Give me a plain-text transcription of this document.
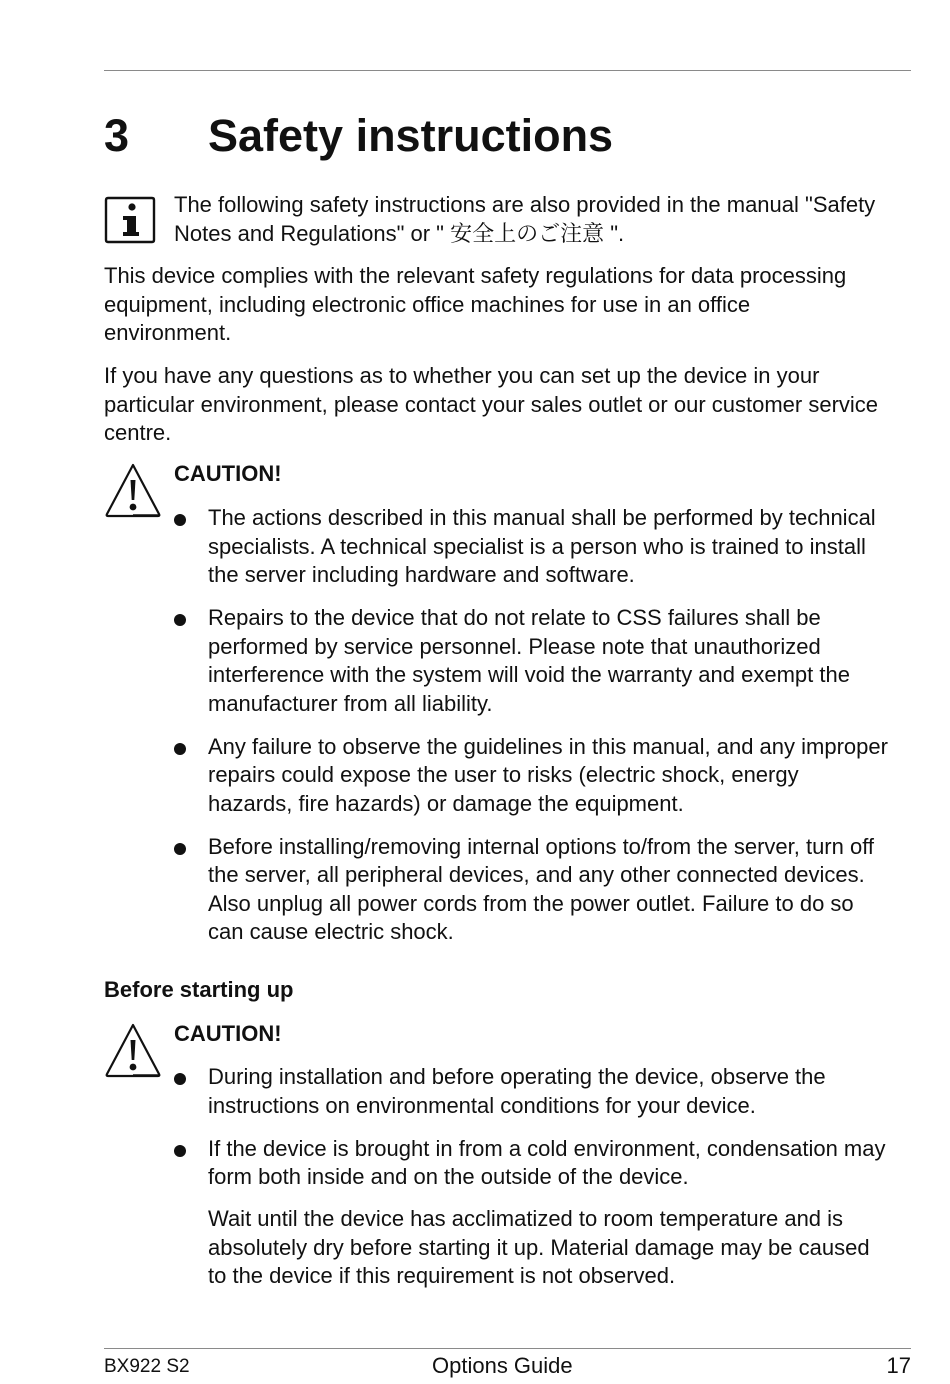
3 Safety instructions
The following safety instructions are also provided in the manual "Safety
Notes and Regulations" or " 安全上のご注意 ".
This device complies with the relevant safety regulations for data processing
equipment, including electronic office machines for use in an office
environment.
If you have any questions as to whether you can set up the device in your
particular environment, please contact your sales outlet or our customer service
centre.
CAUTION!
The actions described in this manual shall be performed by technical
specialists. A technical specialist is a person who is trained to install
the server including hardware and software.
Repairs to the device that do not relate to CSS failures shall be
performed by service personnel. Please note that unauthorized
interference with the system will void the warranty and exempt the
manufacturer from all liability.
Any failure to observe the guidelines in this manual, and any improper
repairs could expose the user to risks (electric shock, energy
hazards, fire hazards) or damage the equipment.
Before installing/removing internal options to/from the server, turn off
the server, all peripheral devices, and any other connected devices.
Also unplug all power cords from the power outlet. Failure to do so
can cause electric shock.
Before starting up
CAUTION!
During installation and before operating the device, observe the
instructions on environmental conditions for your device.
If the device is brought in from a cold environment, condensation may
form both inside and on the outside of the device.
Wait until the device has acclimatized to room temperature and is
absolutely dry before starting it up. Material damage may be caused
to the device if this requirement is not observed.
BX922 S2	Options Guide	17
